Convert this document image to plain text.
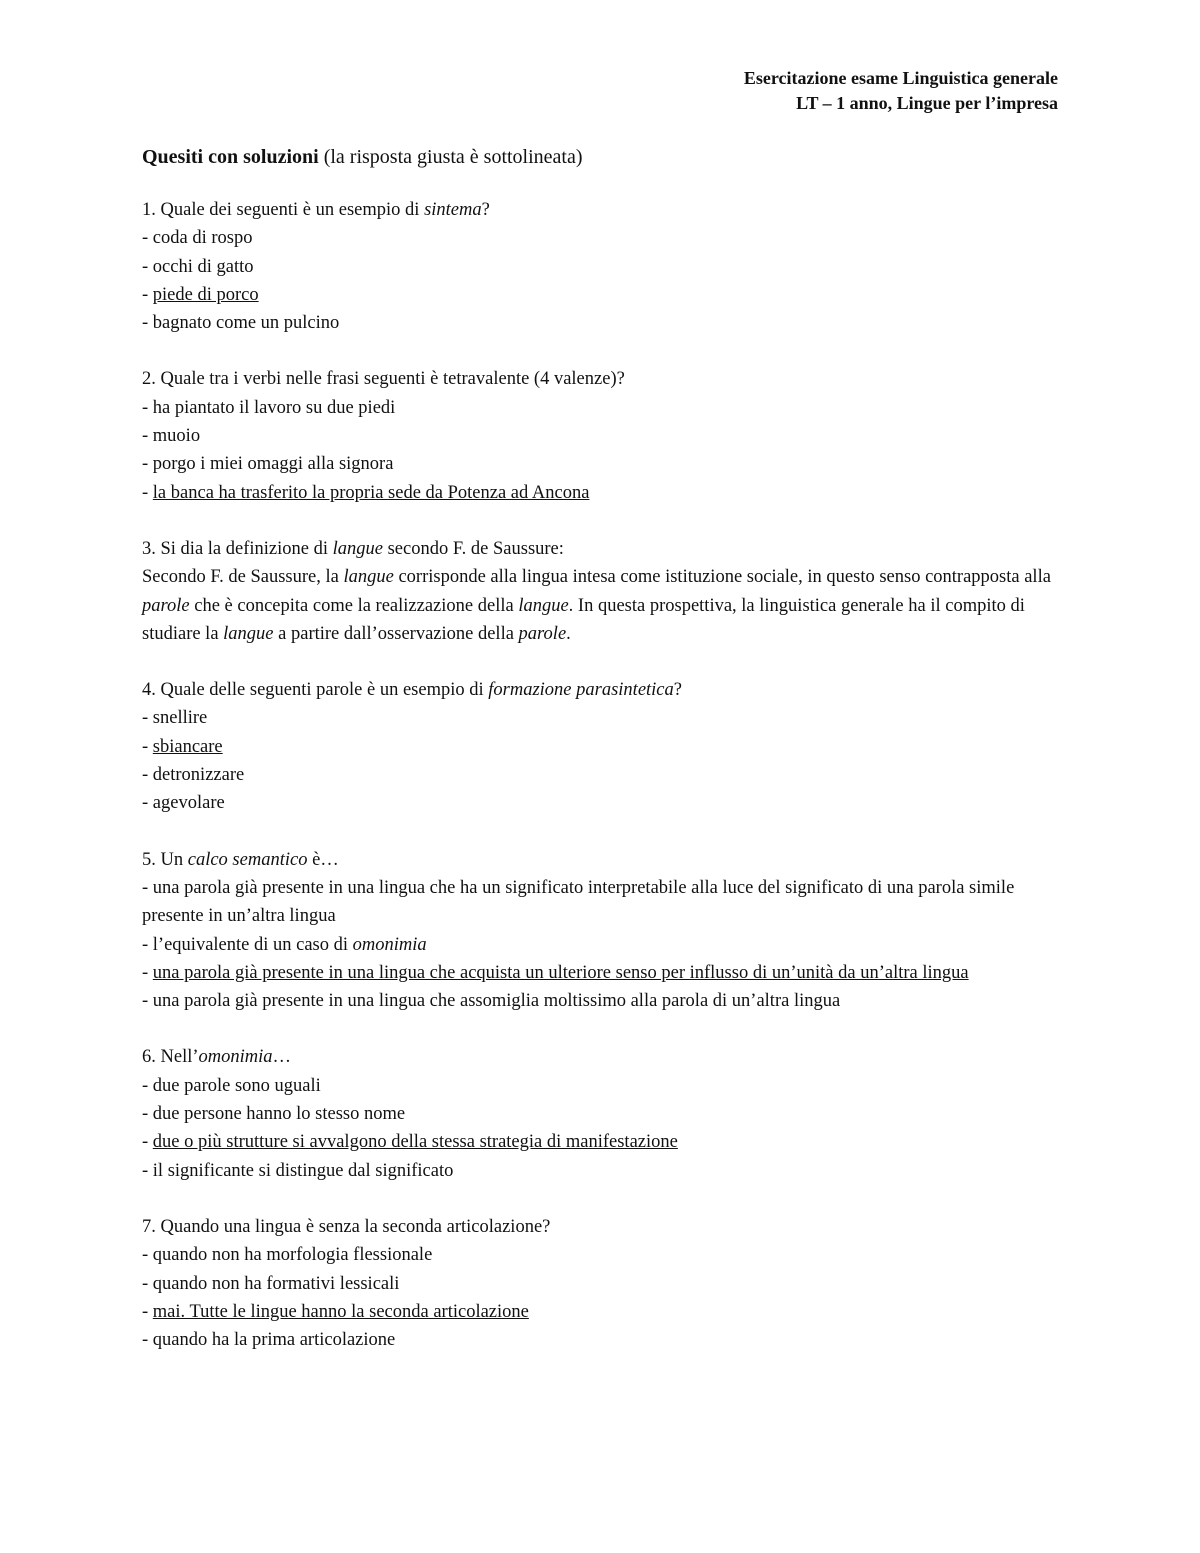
Esercitazione esame Linguistica generale
LT – 1 anno, Lingue per l’impresa
Quesiti con soluzioni (la risposta giusta è sottolineata)

1. Quale dei seguenti è un esempio di sintema?

- coda di rospo

- occhi di gatto

- piede di porco

- bagnato come un pulcino

2. Quale tra i verbi nelle frasi seguenti è tetravalente (4 valenze)?

- ha piantato il lavoro su due piedi

- muoio

- porgo i miei omaggi alla signora

- la banca ha trasferito la propria sede da Potenza ad Ancona

3. Si dia la definizione di langue secondo F. de Saussure:

Secondo F. de Saussure, la langue corrisponde alla lingua intesa come istituzione sociale, in questo senso contrapposta alla parole che è concepita come la realizzazione della langue. In questa prospettiva, la linguistica generale ha il compito di studiare la langue a partire dall’osservazione della parole.

4. Quale delle seguenti parole è un esempio di formazione parasintetica?

- snellire

- sbiancare

- detronizzare

- agevolare

5. Un calco semantico è…

- una parola già presente in una lingua che ha un significato interpretabile alla luce del significato di una parola simile presente in un’altra lingua

- l’equivalente di un caso di omonimia

- una parola già presente in una lingua che acquista un ulteriore senso per influsso di un’unità da un’altra lingua

- una parola già presente in una lingua che assomiglia moltissimo alla parola di un’altra lingua

6. Nell’omonimia…

- due parole sono uguali

- due persone hanno lo stesso nome

- due o più strutture si avvalgono della stessa strategia di manifestazione

- il significante si distingue dal significato

7. Quando una lingua è senza la seconda articolazione?

- quando non ha morfologia flessionale

- quando non ha formativi lessicali

- mai. Tutte le lingue hanno la seconda articolazione

- quando ha la prima articolazione
